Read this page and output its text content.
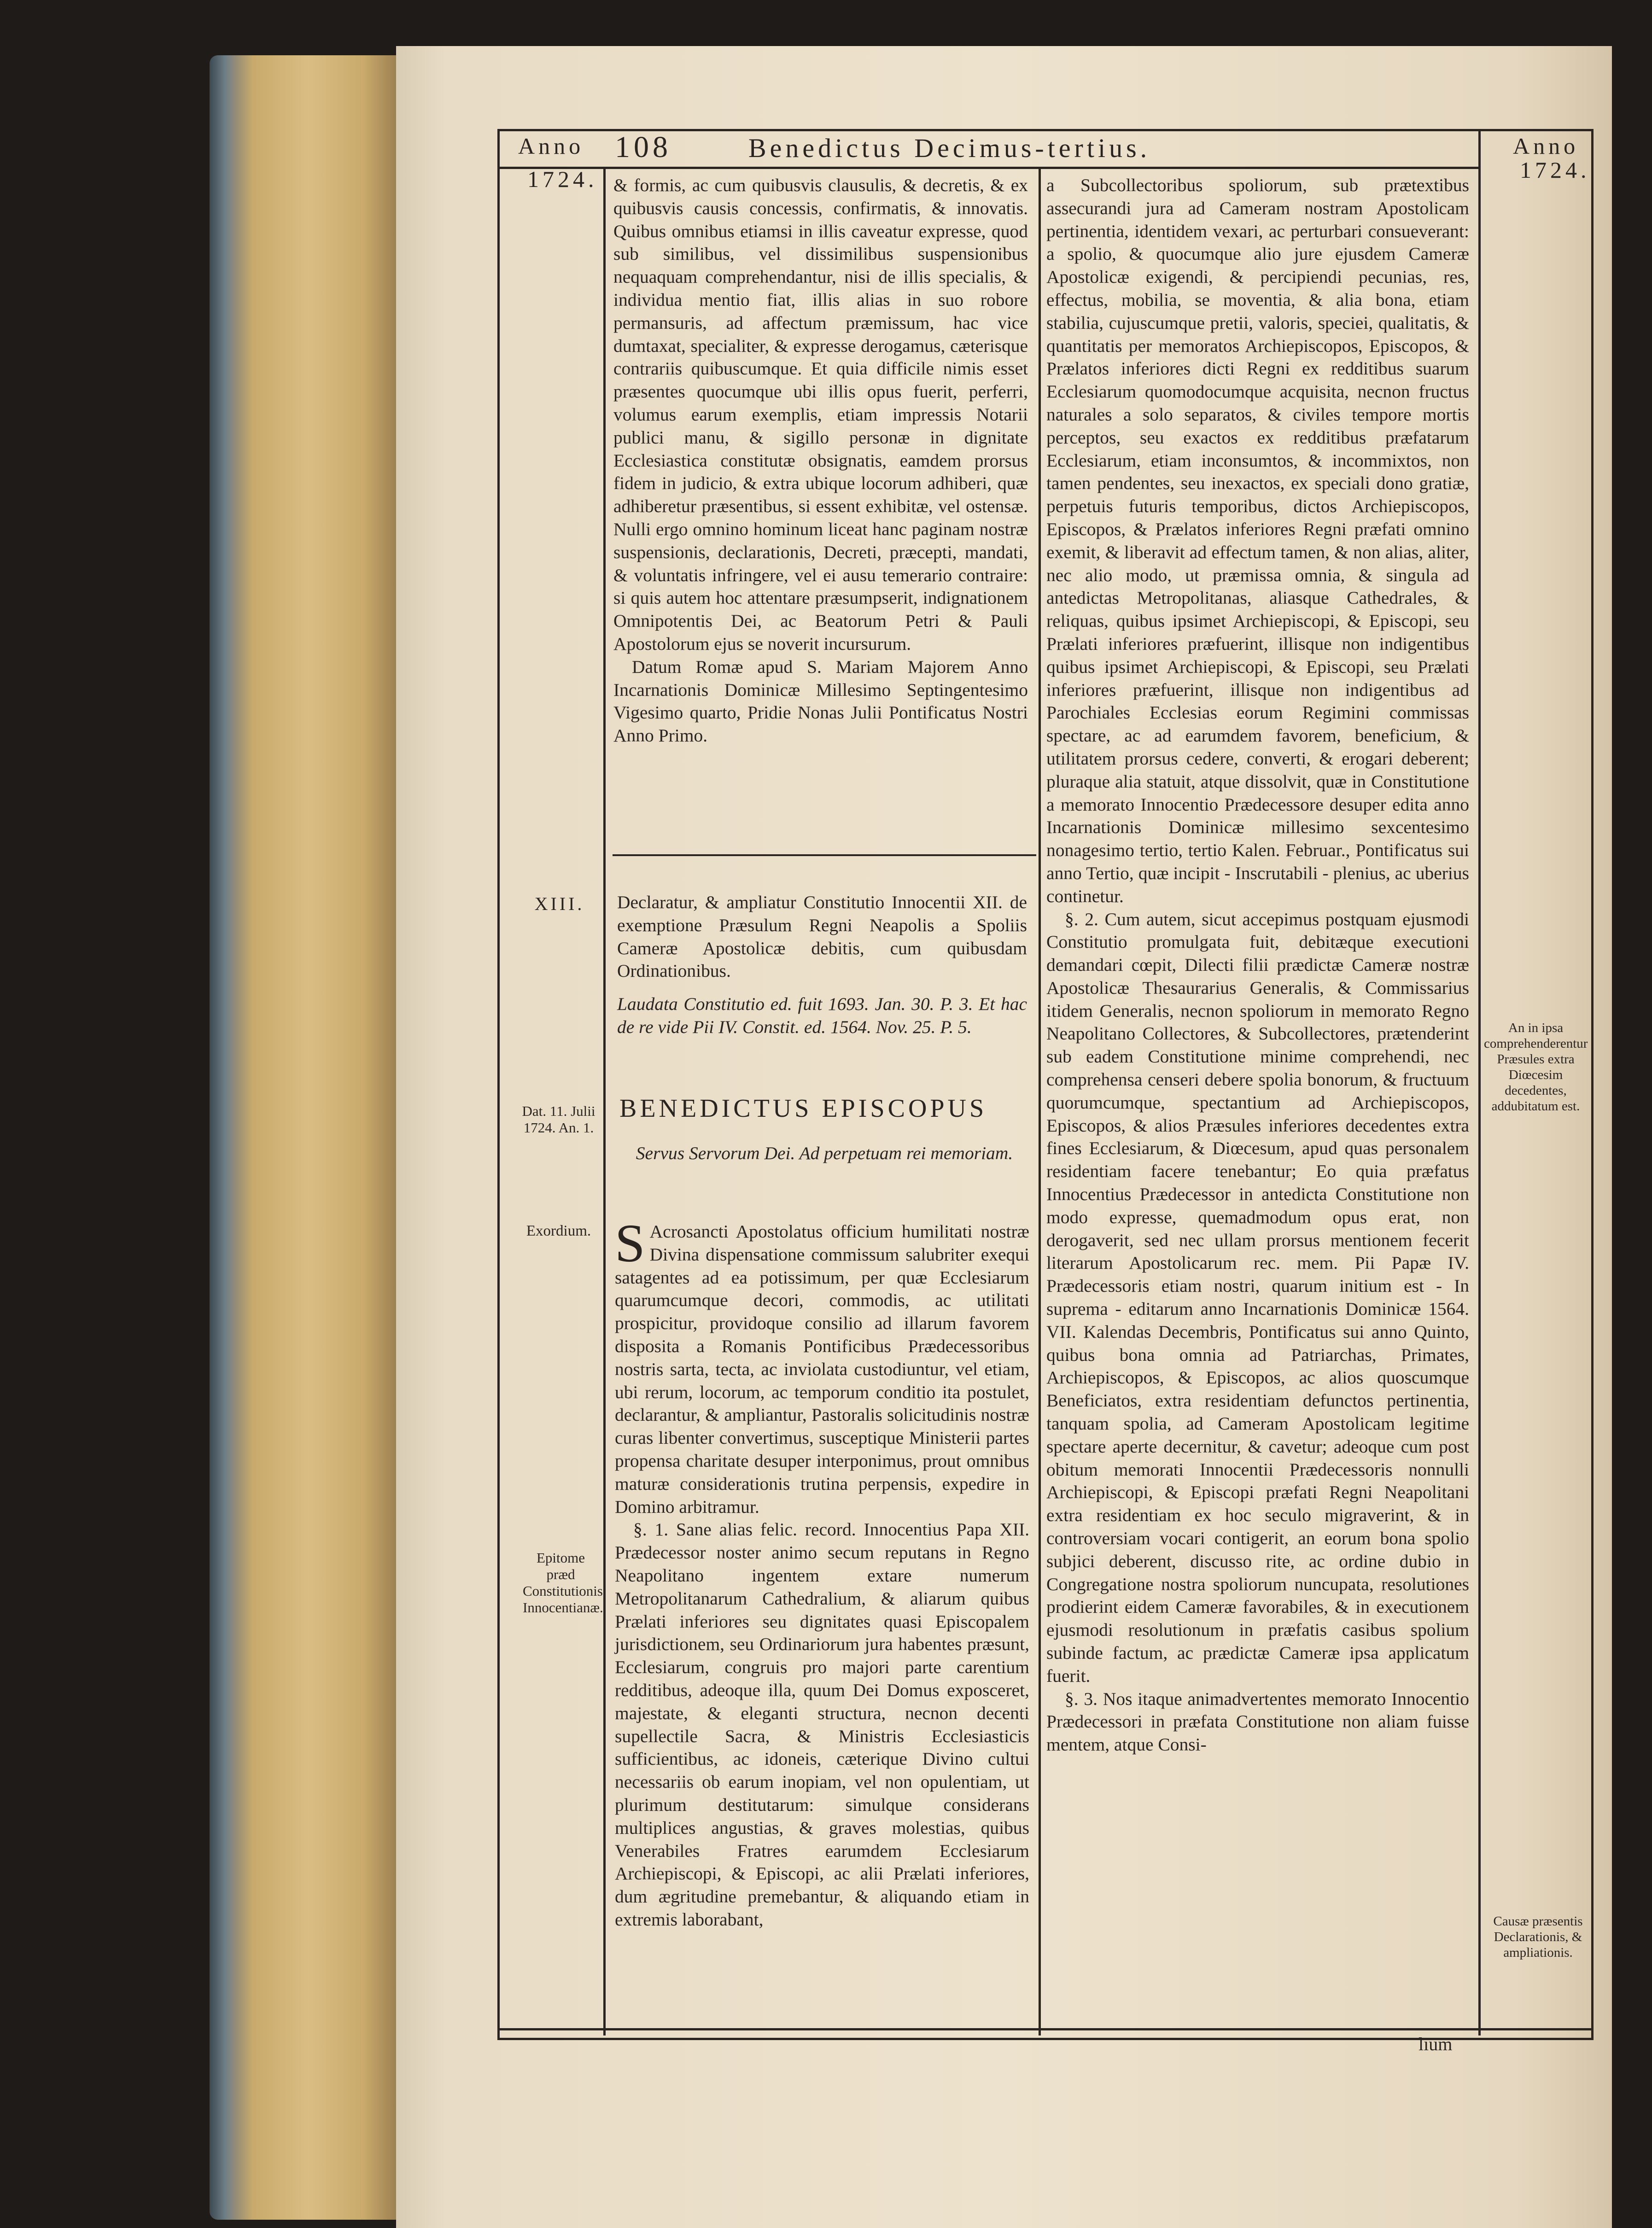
Anno
1724.
108	Benedictus Decimus-tertius.	Anno
1724.
XIII.
Dat. 11. Julii 1724. An. 1.
Exordium.
Epitome præd Constitutionis Innocentianæ.
An in ipsa comprehenderentur Præsules extra Diœcesim decedentes, addubitatum est.
Causæ præsentis Declarationis, & ampliationis.

& formis, ac cum quibusvis clausulis, & decretis, & ex quibusvis causis concessis, confirmatis, & innovatis. Quibus omnibus etiamsi in illis caveatur expresse, quod sub similibus, vel dissimilibus suspensionibus nequaquam comprehendantur, nisi de illis specialis, & individua mentio fiat, illis alias in suo robore permansuris, ad affectum præmissum, hac vice dumtaxat, specialiter, & expresse derogamus, cæterisque contrariis quibuscumque. Et quia difficile nimis esset præsentes quocumque ubi illis opus fuerit, perferri, volumus earum exemplis, etiam impressis Notarii publici manu, & sigillo personæ in dignitate Ecclesiastica constitutæ obsignatis, eamdem prorsus fidem in judicio, & extra ubique locorum adhiberi, quæ adhiberetur præsentibus, si essent exhibitæ, vel ostensæ. Nulli ergo omnino hominum liceat hanc paginam nostræ suspensionis, declarationis, Decreti, præcepti, mandati, & voluntatis infringere, vel ei ausu temerario contraire: si quis autem hoc attentare præsumpserit, indignationem Omnipotentis Dei, ac Beatorum Petri & Pauli Apostolorum ejus se noverit incursurum.

Datum Romæ apud S. Mariam Majorem Anno Incarnationis Dominicæ Millesimo Septingentesimo Vigesimo quarto, Pridie Nonas Julii Pontificatus Nostri Anno Primo.

Declaratur, & ampliatur Constitutio Innocentii XII. de exemptione Præsulum Regni Neapolis a Spoliis Cameræ Apostolicæ debitis, cum quibusdam Ordinationibus.

Laudata Constitutio ed. fuit 1693. Jan. 30. P. 3. Et hac de re vide Pii IV. Constit. ed. 1564. Nov. 25. P. 5.

BENEDICTUS EPISCOPUS
Servus Servorum Dei. Ad perpetuam rei memoriam.

S Acrosancti Apostolatus officium humilitati nostræ Divina dispensatione commissum salubriter exequi satagentes ad ea potissimum, per quæ Ecclesiarum quarumcumque decori, commodis, ac utilitati prospicitur, providoque consilio ad illarum favorem disposita a Romanis Pontificibus Prædecessoribus nostris sarta, tecta, ac inviolata custodiuntur, vel etiam, ubi rerum, locorum, ac temporum conditio ita postulet, declarantur, & ampliantur, Pastoralis solicitudinis nostræ curas libenter convertimus, susceptique Ministerii partes propensa charitate desuper interponimus, prout omnibus maturæ considerationis trutina perpensis, expedire in Domino arbitramur.

§. 1. Sane alias felic. record. Innocentius Papa XII. Prædecessor noster animo secum reputans in Regno Neapolitano ingentem extare numerum Metropolitanarum Cathedralium, & aliarum quibus Prælati inferiores seu dignitates quasi Episcopalem jurisdictionem, seu Ordinariorum jura habentes præsunt, Ecclesiarum, congruis pro majori parte carentium redditibus, adeoque illa, quum Dei Domus exposceret, majestate, & eleganti structura, necnon decenti supellectile Sacra, & Ministris Ecclesiasticis sufficientibus, ac idoneis, cæterique Divino cultui necessariis ob earum inopiam, vel non opulentiam, ut plurimum destitutarum: simulque considerans multiplices angustias, & graves molestias, quibus Venerabiles Fratres earumdem Ecclesiarum Archiepiscopi, & Episcopi, ac alii Prælati inferiores, dum ægritudine premebantur, & aliquando etiam in extremis laborabant,

a Subcollectoribus spoliorum, sub prætextibus assecurandi jura ad Cameram nostram Apostolicam pertinentia, identidem vexari, ac perturbari consueverant: a spolio, & quocumque alio jure ejusdem Cameræ Apostolicæ exigendi, & percipiendi pecunias, res, effectus, mobilia, se moventia, & alia bona, etiam stabilia, cujuscumque pretii, valoris, speciei, qualitatis, & quantitatis per memoratos Archiepiscopos, Episcopos, & Prælatos inferiores dicti Regni ex redditibus suarum Ecclesiarum quomodocumque acquisita, necnon fructus naturales a solo separatos, & civiles tempore mortis perceptos, seu exactos ex redditibus præfatarum Ecclesiarum, etiam inconsumtos, & incommixtos, non tamen pendentes, seu inexactos, ex speciali dono gratiæ, perpetuis futuris temporibus, dictos Archiepiscopos, Episcopos, & Prælatos inferiores Regni præfati omnino exemit, & liberavit ad effectum tamen, & non alias, aliter, nec alio modo, ut præmissa omnia, & singula ad antedictas Metropolitanas, aliasque Cathedrales, & reliquas, quibus ipsimet Archiepiscopi, & Episcopi, seu Prælati inferiores præfuerint, illisque non indigentibus quibus ipsimet Archiepiscopi, & Episcopi, seu Prælati inferiores præfuerint, illisque non indigentibus ad Parochiales Ecclesias eorum Regimini commissas spectare, ac ad earumdem favorem, beneficium, & utilitatem prorsus cedere, converti, & erogari deberent; pluraque alia statuit, atque dissolvit, quæ in Constitutione a memorato Innocentio Prædecessore desuper edita anno Incarnationis Dominicæ millesimo sexcentesimo nonagesimo tertio, tertio Kalen. Februar., Pontificatus sui anno Tertio, quæ incipit - Inscrutabili - plenius, ac uberius continetur.

§. 2. Cum autem, sicut accepimus postquam ejusmodi Constitutio promulgata fuit, debitæque executioni demandari cœpit, Dilecti filii prædictæ Cameræ nostræ Apostolicæ Thesaurarius Generalis, & Commissarius itidem Generalis, necnon spoliorum in memorato Regno Neapolitano Collectores, & Subcollectores, prætenderint sub eadem Constitutione minime comprehendi, nec comprehensa censeri debere spolia bonorum, & fructuum quorumcumque, spectantium ad Archiepiscopos, Episcopos, & alios Præsules inferiores decedentes extra fines Ecclesiarum, & Diœcesum, apud quas personalem residentiam facere tenebantur; Eo quia præfatus Innocentius Prædecessor in antedicta Constitutione non modo expresse, quemadmodum opus erat, non derogaverit, sed nec ullam prorsus mentionem fecerit literarum Apostolicarum rec. mem. Pii Papæ IV. Prædecessoris etiam nostri, quarum initium est - In suprema - editarum anno Incarnationis Dominicæ 1564. VII. Kalendas Decembris, Pontificatus sui anno Quinto, quibus bona omnia ad Patriarchas, Primates, Archiepiscopos, & Episcopos, ac alios quoscumque Beneficiatos, extra residentiam defunctos pertinentia, tanquam spolia, ad Cameram Apostolicam legitime spectare aperte decernitur, & cavetur; adeoque cum post obitum memorati Innocentii Prædecessoris nonnulli Archiepiscopi, & Episcopi præfati Regni Neapolitani extra residentiam ex hoc seculo migraverint, & in controversiam vocari contigerit, an eorum bona spolio subjici deberent, discusso rite, ac ordine dubio in Congregatione nostra spoliorum nuncupata, resolutiones prodierint eidem Cameræ favorabiles, & in executionem ejusmodi resolutionum in præfatis casibus spolium subinde factum, ac prædictæ Cameræ ipsa applicatum fuerit.

§. 3. Nos itaque animadvertentes memorato Innocentio Prædecessori in præfata Constitutione non aliam fuisse mentem, atque Consi-

lium
